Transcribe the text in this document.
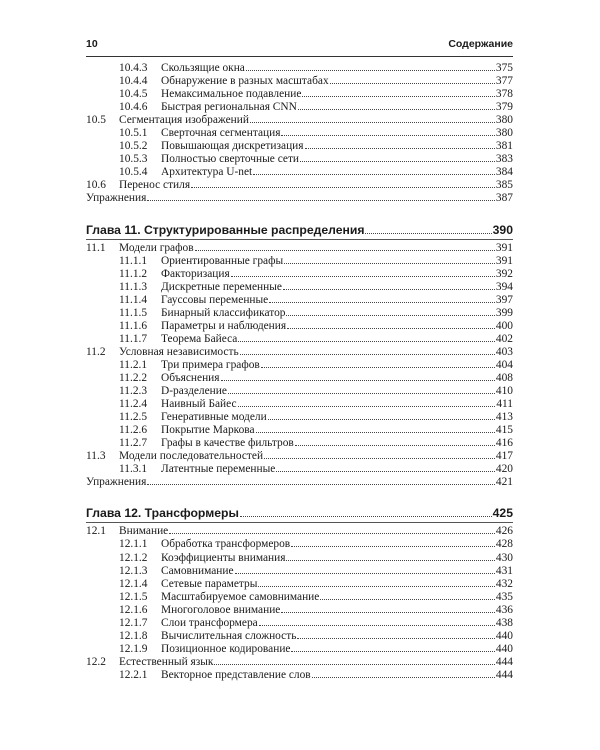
10	Содержание
10.4.3	Скользящие окна	375
10.4.4	Обнаружение в разных масштабах	377
10.4.5	Немаксимальное подавление	378
10.4.6	Быстрая региональная CNN	379
10.5	Сегментация изображений	380
10.5.1	Сверточная сегментация	380
10.5.2	Повышающая дискретизация	381
10.5.3	Полностью сверточные сети	383
10.5.4	Архитектура U-net	384
10.6	Перенос стиля	385
Упражнения	387
Глава 11. Структурированные распределения	390
11.1	Модели графов	391
11.1.1	Ориентированные графы	391
11.1.2	Факторизация	392
11.1.3	Дискретные переменные	394
11.1.4	Гауссовы переменные	397
11.1.5	Бинарный классификатор	399
11.1.6	Параметры и наблюдения	400
11.1.7	Теорема Байеса	402
11.2	Условная независимость	403
11.2.1	Три примера графов	404
11.2.2	Объяснения	408
11.2.3	D-разделение	410
11.2.4	Наивный Байес	411
11.2.5	Генеративные модели	413
11.2.6	Покрытие Маркова	415
11.2.7	Графы в качестве фильтров	416
11.3	Модели последовательностей	417
11.3.1	Латентные переменные	420
Упражнения	421
Глава 12. Трансформеры	425
12.1	Внимание	426
12.1.1	Обработка трансформеров	428
12.1.2	Коэффициенты внимания	430
12.1.3	Самовнимание	431
12.1.4	Сетевые параметры	432
12.1.5	Масштабируемое самовнимание	435
12.1.6	Многоголовое внимание	436
12.1.7	Слои трансформера	438
12.1.8	Вычислительная сложность	440
12.1.9	Позиционное кодирование	440
12.2	Естественный язык	444
12.2.1	Векторное представление слов	444
